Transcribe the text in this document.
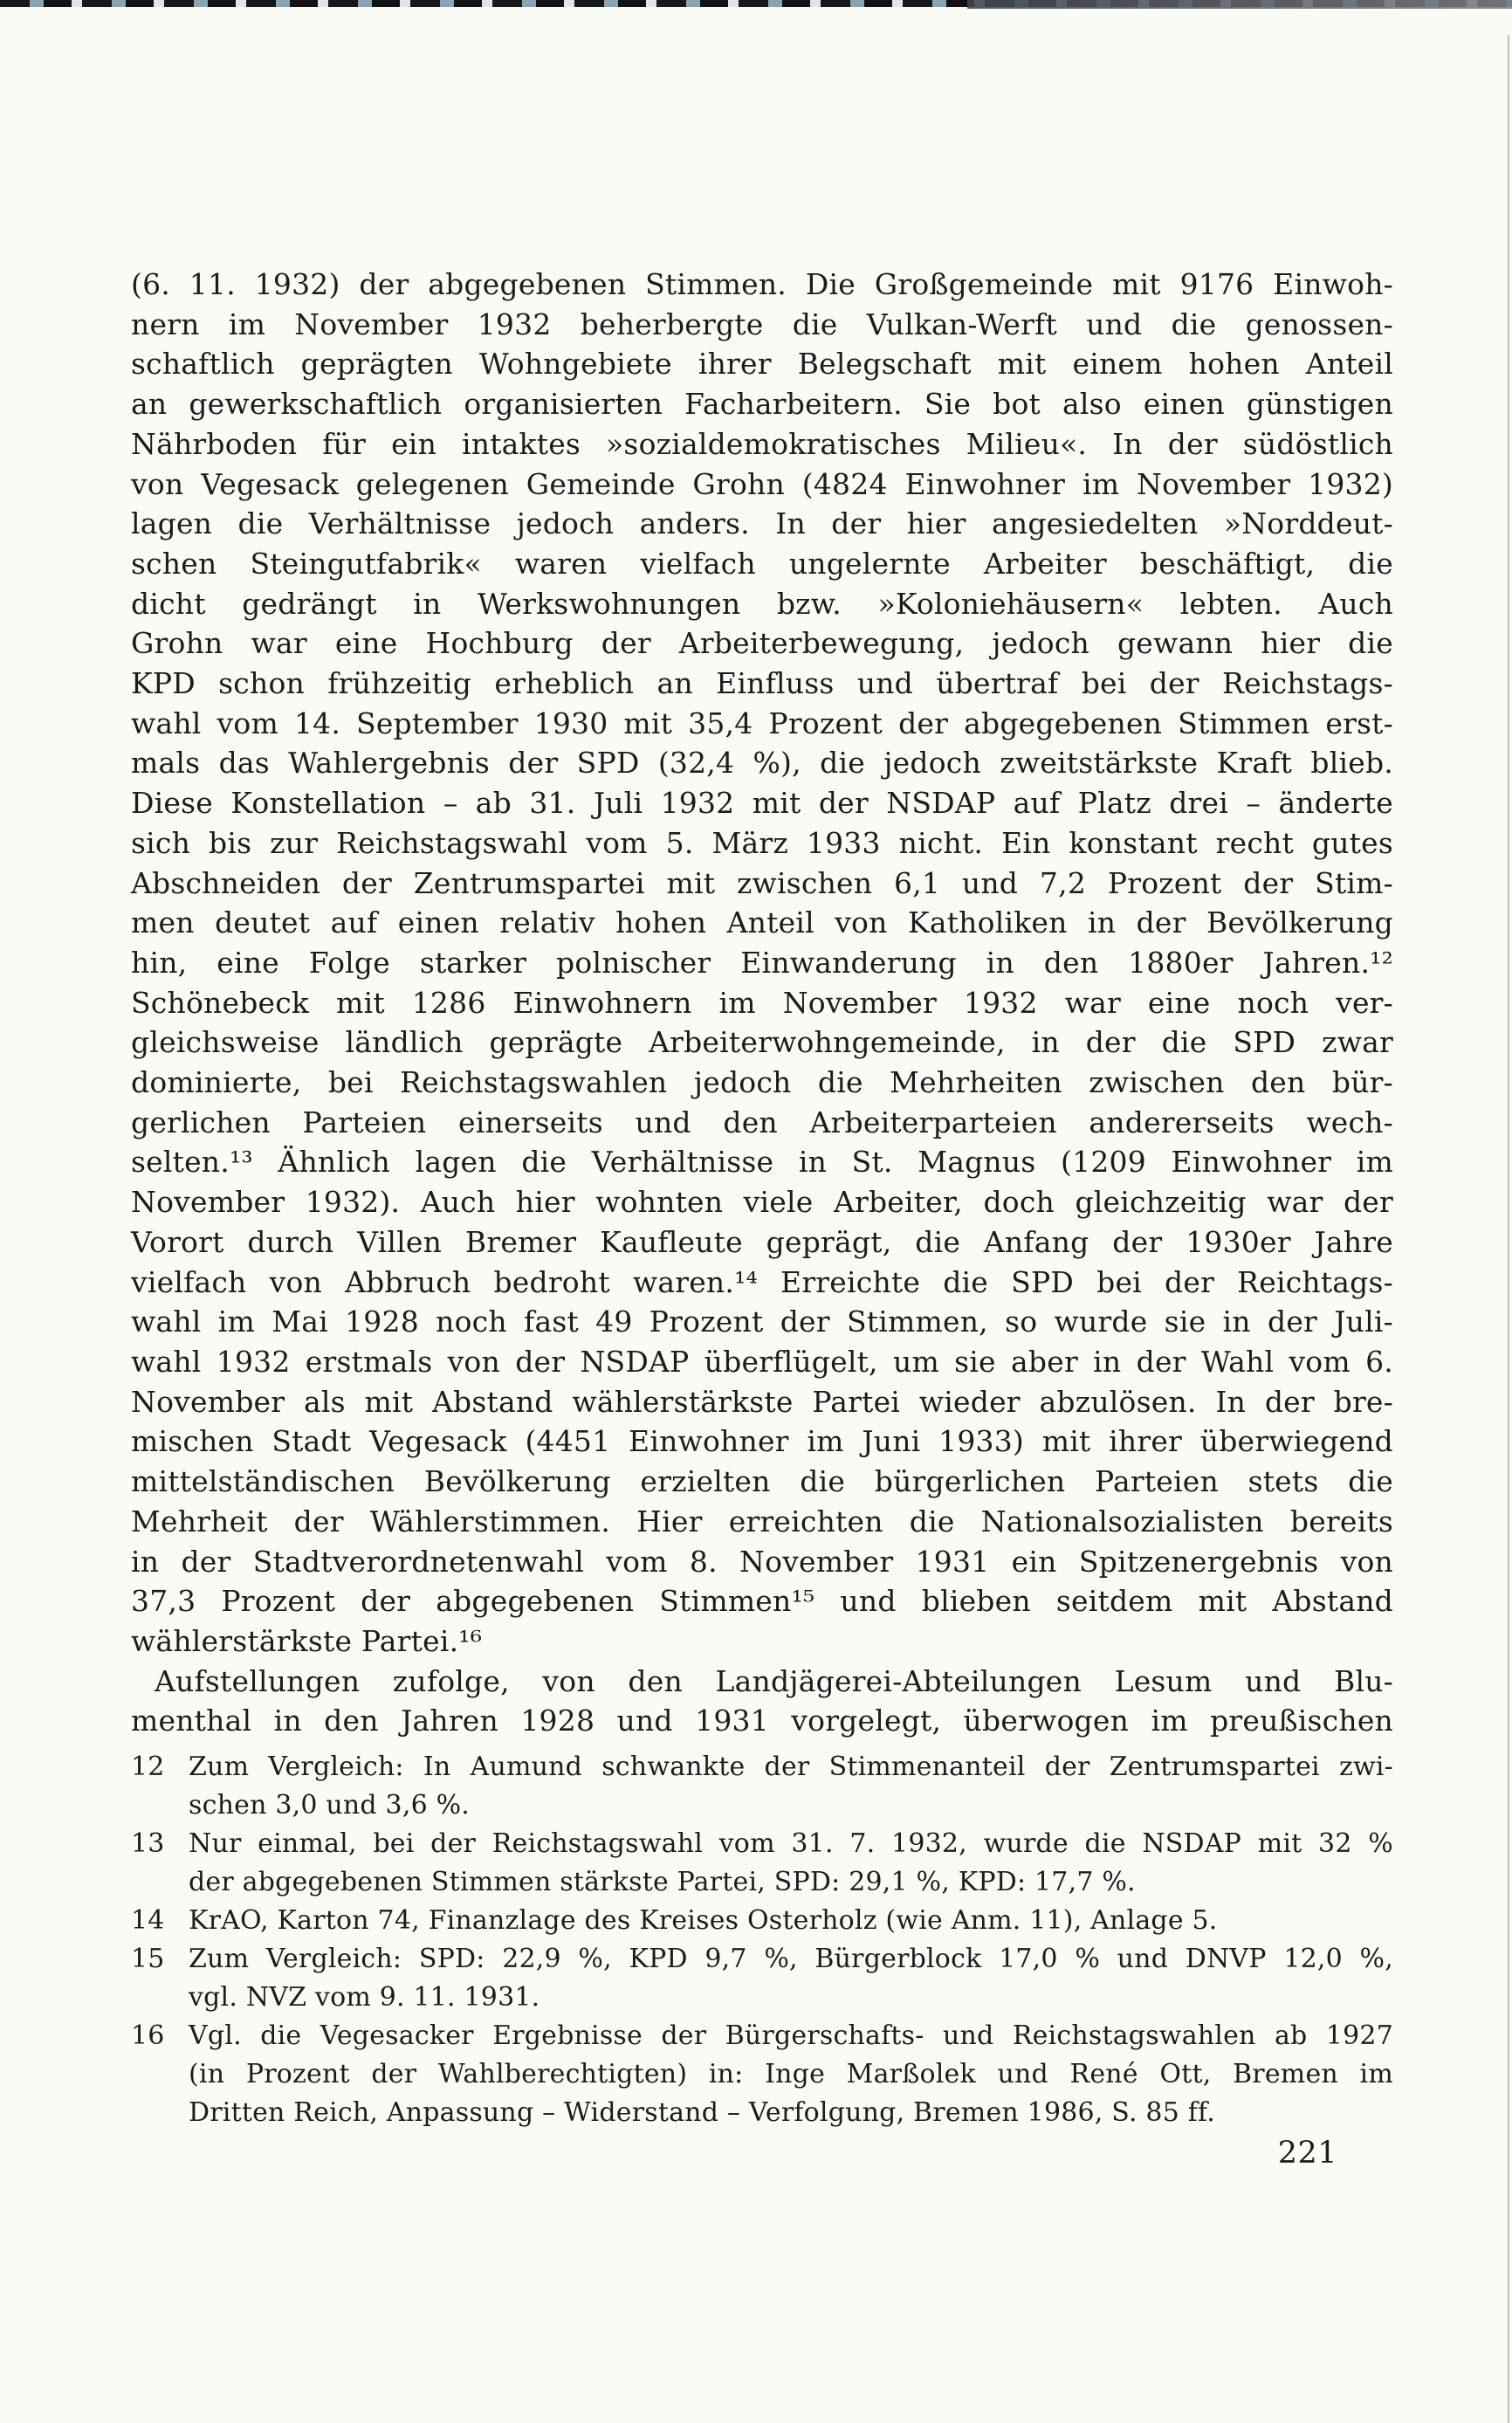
(6. 11. 1932) der abgegebenen Stimmen. Die Großgemeinde mit 9176 Einwoh-
nern im November 1932 beherbergte die Vulkan-Werft und die genossen-
schaftlich geprägten Wohngebiete ihrer Belegschaft mit einem hohen Anteil
an gewerkschaftlich organisierten Facharbeitern. Sie bot also einen günstigen
Nährboden für ein intaktes »sozialdemokratisches Milieu«. In der südöstlich
von Vegesack gelegenen Gemeinde Grohn (4824 Einwohner im November 1932)
lagen die Verhältnisse jedoch anders. In der hier angesiedelten »Norddeut-
schen Steingutfabrik« waren vielfach ungelernte Arbeiter beschäftigt, die
dicht gedrängt in Werkswohnungen bzw. »Koloniehäusern« lebten. Auch
Grohn war eine Hochburg der Arbeiterbewegung, jedoch gewann hier die
KPD schon frühzeitig erheblich an Einfluss und übertraf bei der Reichstags-
wahl vom 14. September 1930 mit 35,4 Prozent der abgegebenen Stimmen erst-
mals das Wahlergebnis der SPD (32,4 %), die jedoch zweitstärkste Kraft blieb.
Diese Konstellation – ab 31. Juli 1932 mit der NSDAP auf Platz drei – änderte
sich bis zur Reichstagswahl vom 5. März 1933 nicht. Ein konstant recht gutes
Abschneiden der Zentrumspartei mit zwischen 6,1 und 7,2 Prozent der Stim-
men deutet auf einen relativ hohen Anteil von Katholiken in der Bevölkerung
hin, eine Folge starker polnischer Einwanderung in den 1880er Jahren.¹²
Schönebeck mit 1286 Einwohnern im November 1932 war eine noch ver-
gleichsweise ländlich geprägte Arbeiterwohngemeinde, in der die SPD zwar
dominierte, bei Reichstagswahlen jedoch die Mehrheiten zwischen den bür-
gerlichen Parteien einerseits und den Arbeiterparteien andererseits wech-
selten.¹³ Ähnlich lagen die Verhältnisse in St. Magnus (1209 Einwohner im
November 1932). Auch hier wohnten viele Arbeiter, doch gleichzeitig war der
Vorort durch Villen Bremer Kaufleute geprägt, die Anfang der 1930er Jahre
vielfach von Abbruch bedroht waren.¹⁴ Erreichte die SPD bei der Reichtags-
wahl im Mai 1928 noch fast 49 Prozent der Stimmen, so wurde sie in der Juli-
wahl 1932 erstmals von der NSDAP überflügelt, um sie aber in der Wahl vom 6.
November als mit Abstand wählerstärkste Partei wieder abzulösen. In der bre-
mischen Stadt Vegesack (4451 Einwohner im Juni 1933) mit ihrer überwiegend
mittelständischen Bevölkerung erzielten die bürgerlichen Parteien stets die
Mehrheit der Wählerstimmen. Hier erreichten die Nationalsozialisten bereits
in der Stadtverordnetenwahl vom 8. November 1931 ein Spitzenergebnis von
37,3 Prozent der abgegebenen Stimmen¹⁵ und blieben seitdem mit Abstand
wählerstärkste Partei.¹⁶
Aufstellungen zufolge, von den Landjägerei-Abteilungen Lesum und Blu-
menthal in den Jahren 1928 und 1931 vorgelegt, überwogen im preußischen
12 Zum Vergleich: In Aumund schwankte der Stimmenanteil der Zentrumspartei zwi-
schen 3,0 und 3,6 %.
13 Nur einmal, bei der Reichstagswahl vom 31. 7. 1932, wurde die NSDAP mit 32 %
der abgegebenen Stimmen stärkste Partei, SPD: 29,1 %, KPD: 17,7 %.
14 KrAO, Karton 74, Finanzlage des Kreises Osterholz (wie Anm. 11), Anlage 5.
15 Zum Vergleich: SPD: 22,9 %, KPD 9,7 %, Bürgerblock 17,0 % und DNVP 12,0 %,
vgl. NVZ vom 9. 11. 1931.
16 Vgl. die Vegesacker Ergebnisse der Bürgerschafts- und Reichstagswahlen ab 1927
(in Prozent der Wahlberechtigten) in: Inge Marßolek und René Ott, Bremen im
Dritten Reich, Anpassung – Widerstand – Verfolgung, Bremen 1986, S. 85 ff.
221
